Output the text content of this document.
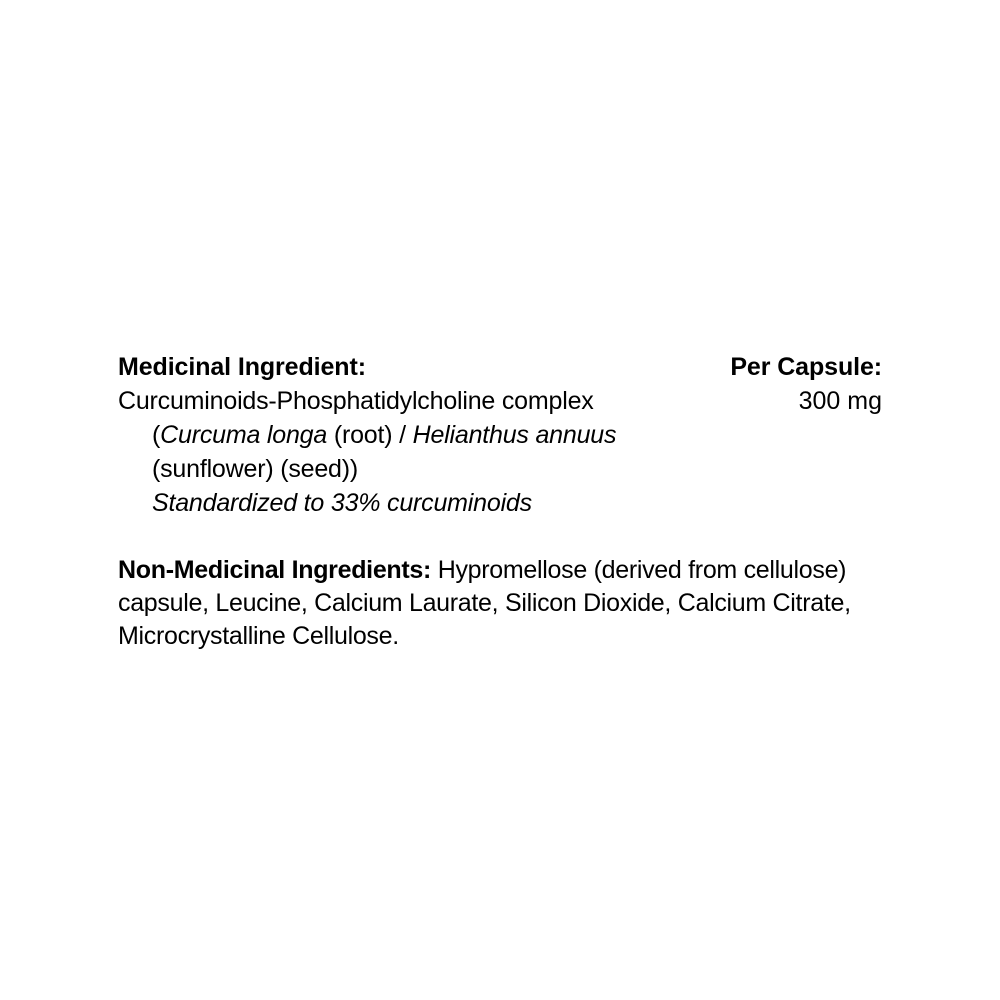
Medicinal Ingredient:	Per Capsule:
Curcuminoids-Phosphatidylcholine complex	300 mg
(Curcuma longa (root) / Helianthus annuus	
(sunflower) (seed))	
Standardized to 33% curcuminoids	

Non-Medicinal Ingredients: Hypromellose (derived from cellulose) capsule, Leucine, Calcium Laurate, Silicon Dioxide, Calcium Citrate, Microcrystalline Cellulose.
